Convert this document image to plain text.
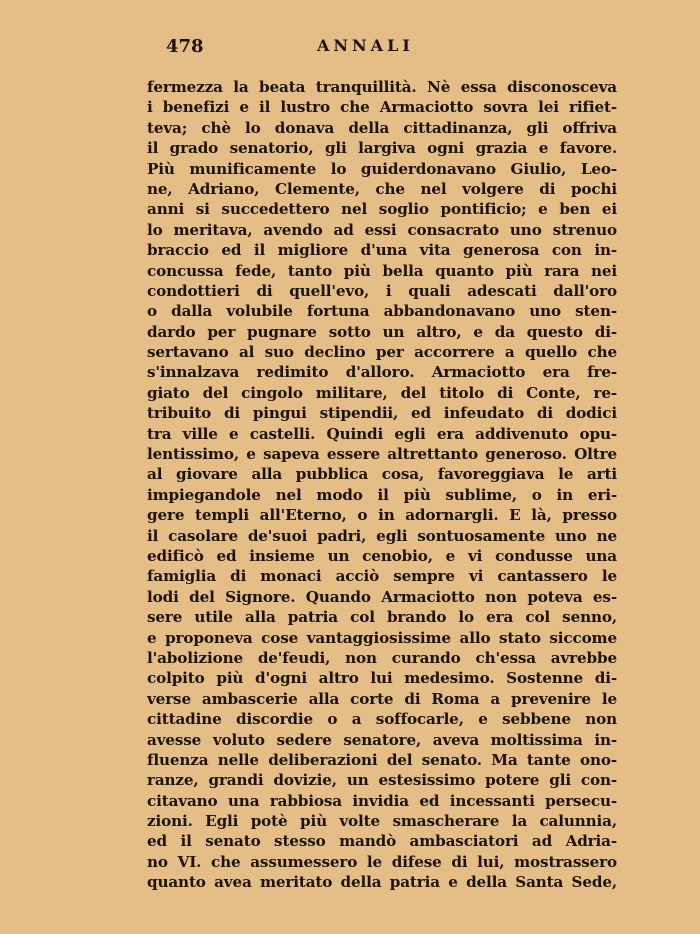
478	ANNALI
fermezza la beata tranquillità. Nè essa disconosceva
i benefizi e il lustro che Armaciotto sovra lei rifiet-
teva; chè lo donava della cittadinanza, gli offriva
il grado senatorio, gli largiva ogni grazia e favore.
Più munificamente lo guiderdonavano Giulio, Leo-
ne, Adriano, Clemente, che nel volgere di pochi
anni si succedettero nel soglio pontificio; e ben ei
lo meritava, avendo ad essi consacrato uno strenuo
braccio ed il migliore d'una vita generosa con in-
concussa fede, tanto più bella quanto più rara nei
condottieri di quell'evo, i quali adescati dall'oro
o dalla volubile fortuna abbandonavano uno sten-
dardo per pugnare sotto un altro, e da questo di-
sertavano al suo declino per accorrere a quello che
s'innalzava redimito d'alloro. Armaciotto era fre-
giato del cingolo militare, del titolo di Conte, re-
tribuito di pingui stipendii, ed infeudato di dodici
tra ville e castelli. Quindi egli era addivenuto opu-
lentissimo, e sapeva essere altrettanto generoso. Oltre
al giovare alla pubblica cosa, favoreggiava le arti
impiegandole nel modo il più sublime, o in eri-
gere templi all'Eterno, o in adornargli. E là, presso
il casolare de'suoi padri, egli sontuosamente uno ne
edificò ed insieme un cenobio, e vi condusse una
famiglia di monaci acciò sempre vi cantassero le
lodi del Signore. Quando Armaciotto non poteva es-
sere utile alla patria col brando lo era col senno,
e proponeva cose vantaggiosissime allo stato siccome
l'abolizione de'feudi, non curando ch'essa avrebbe
colpito più d'ogni altro lui medesimo. Sostenne di-
verse ambascerie alla corte di Roma a prevenire le
cittadine discordie o a soffocarle, e sebbene non
avesse voluto sedere senatore, aveva moltissima in-
fluenza nelle deliberazioni del senato. Ma tante ono-
ranze, grandi dovizie, un estesissimo potere gli con-
citavano una rabbiosa invidia ed incessanti persecu-
zioni. Egli potè più volte smascherare la calunnia,
ed il senato stesso mandò ambasciatori ad Adria-
no VI. che assumessero le difese di lui, mostrassero
quanto avea meritato della patria e della Santa Sede,
